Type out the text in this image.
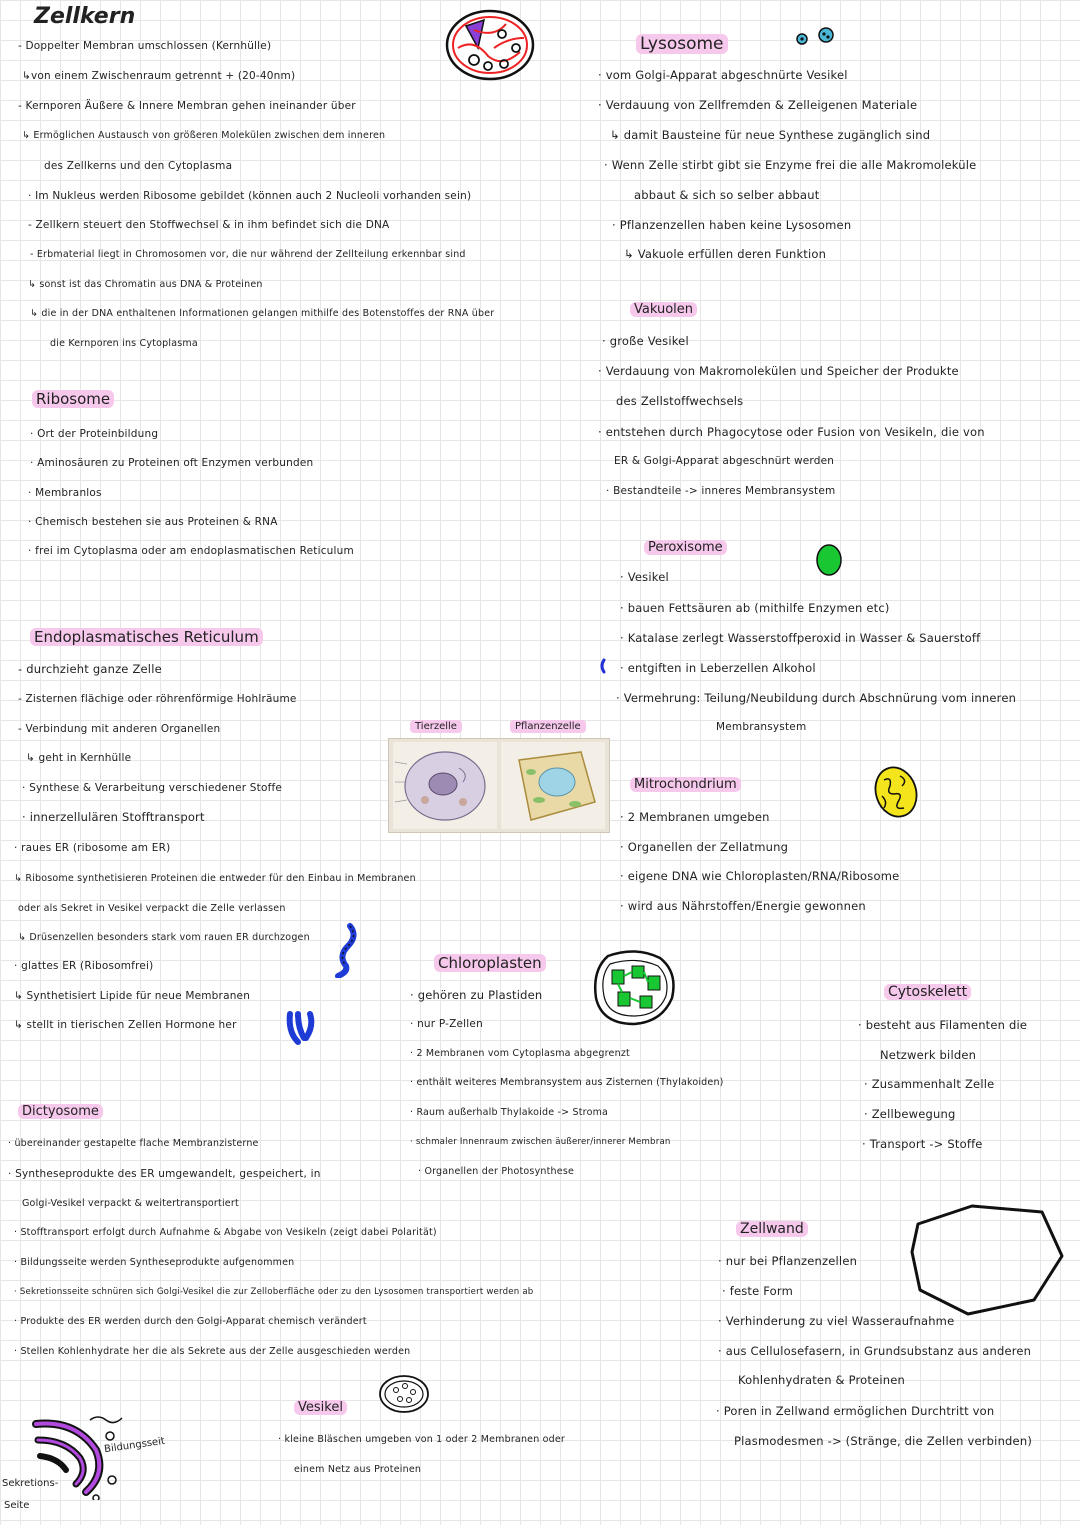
Zellkern
- Doppelter Membran umschlossen (Kernhülle)
↳von einem Zwischenraum getrennt + (20-40nm)
- Kernporen Äußere & Innere Membran gehen ineinander über
↳ Ermöglichen Austausch von größeren Molekülen zwischen dem inneren
des Zellkerns und den Cytoplasma
· Im Nukleus werden Ribosome gebildet (können auch 2 Nucleoli vorhanden sein)
- Zellkern steuert den Stoffwechsel & in ihm befindet sich die DNA
- Erbmaterial liegt in Chromosomen vor, die nur während der Zellteilung erkennbar sind
↳ sonst ist das Chromatin aus DNA & Proteinen
↳ die in der DNA enthaltenen Informationen gelangen mithilfe des Botenstoffes der RNA über
die Kernporen ins Cytoplasma
Ribosome
· Ort der Proteinbildung
· Aminosäuren zu Proteinen oft Enzymen verbunden
· Membranlos
· Chemisch bestehen sie aus Proteinen & RNA
· frei im Cytoplasma oder am endoplasmatischen Reticulum
Endoplasmatisches Reticulum
- durchzieht ganze Zelle
- Zisternen flächige oder röhrenförmige Hohlräume
- Verbindung mit anderen Organellen
↳ geht in Kernhülle
· Synthese & Verarbeitung verschiedener Stoffe
· innerzellulären Stofftransport
· raues ER (ribosome am ER)
↳ Ribosome synthetisieren Proteinen die entweder für den Einbau in Membranen
oder als Sekret in Vesikel verpackt die Zelle verlassen
↳ Drüsenzellen besonders stark vom rauen ER durchzogen
· glattes ER (Ribosomfrei)
↳ Synthetisiert Lipide für neue Membranen
↳ stellt in tierischen Zellen Hormone her
Dictyosome
· übereinander gestapelte flache Membranzisterne
· Syntheseprodukte des ER umgewandelt, gespeichert, in
Golgi-Vesikel verpackt & weitertransportiert
· Stofftransport erfolgt durch Aufnahme & Abgabe von Vesikeln (zeigt dabei Polarität)
· Bildungsseite werden Syntheseprodukte aufgenommen
· Sekretionsseite schnüren sich Golgi-Vesikel die zur Zelloberfläche oder zu den Lysosomen transportiert werden ab
· Produkte des ER werden durch den Golgi-Apparat chemisch verändert
· Stellen Kohlenhydrate her die als Sekrete aus der Zelle ausgeschieden werden
Bildungsseit
Sekretions-
Seite
Vesikel
· kleine Bläschen umgeben von 1 oder 2 Membranen oder
einem Netz aus Proteinen
Lysosome
· vom Golgi-Apparat abgeschnürte Vesikel
· Verdauung von Zellfremden & Zelleigenen Materiale
↳ damit Bausteine für neue Synthese zugänglich sind
· Wenn Zelle stirbt gibt sie Enzyme frei die alle Makromoleküle
abbaut & sich so selber abbaut
· Pflanzenzellen haben keine Lysosomen
↳ Vakuole erfüllen deren Funktion
Vakuolen
· große Vesikel
· Verdauung von Makromolekülen und Speicher der Produkte
des Zellstoffwechsels
· entstehen durch Phagocytose oder Fusion von Vesikeln, die von
ER & Golgi-Apparat abgeschnürt werden
· Bestandteile -> inneres Membransystem
Peroxisome
· Vesikel
· bauen Fettsäuren ab (mithilfe Enzymen etc)
· Katalase zerlegt Wasserstoffperoxid in Wasser & Sauerstoff
· entgiften in Leberzellen Alkohol
· Vermehrung: Teilung/Neubildung durch Abschnürung vom inneren
Membransystem
Tierzelle	Pflanzenzelle
Mitrochondrium
· 2 Membranen umgeben
· Organellen der Zellatmung
· eigene DNA wie Chloroplasten/RNA/Ribosome
· wird aus Nährstoffen/Energie gewonnen
Chloroplasten
· gehören zu Plastiden
· nur P-Zellen
· 2 Membranen vom Cytoplasma abgegrenzt
· enthält weiteres Membransystem aus Zisternen (Thylakoiden)
· Raum außerhalb Thylakoide -> Stroma
· schmaler Innenraum zwischen äußerer/innerer Membran
· Organellen der Photosynthese
Cytoskelett
· besteht aus Filamenten die
Netzwerk bilden
· Zusammenhalt Zelle
· Zellbewegung
· Transport -> Stoffe
Zellwand
· nur bei Pflanzenzellen
· feste Form
· Verhinderung zu viel Wasseraufnahme
· aus Cellulosefasern, in Grundsubstanz aus anderen
Kohlenhydraten & Proteinen
· Poren in Zellwand ermöglichen Durchtritt von
Plasmodesmen -> (Stränge, die Zellen verbinden)
